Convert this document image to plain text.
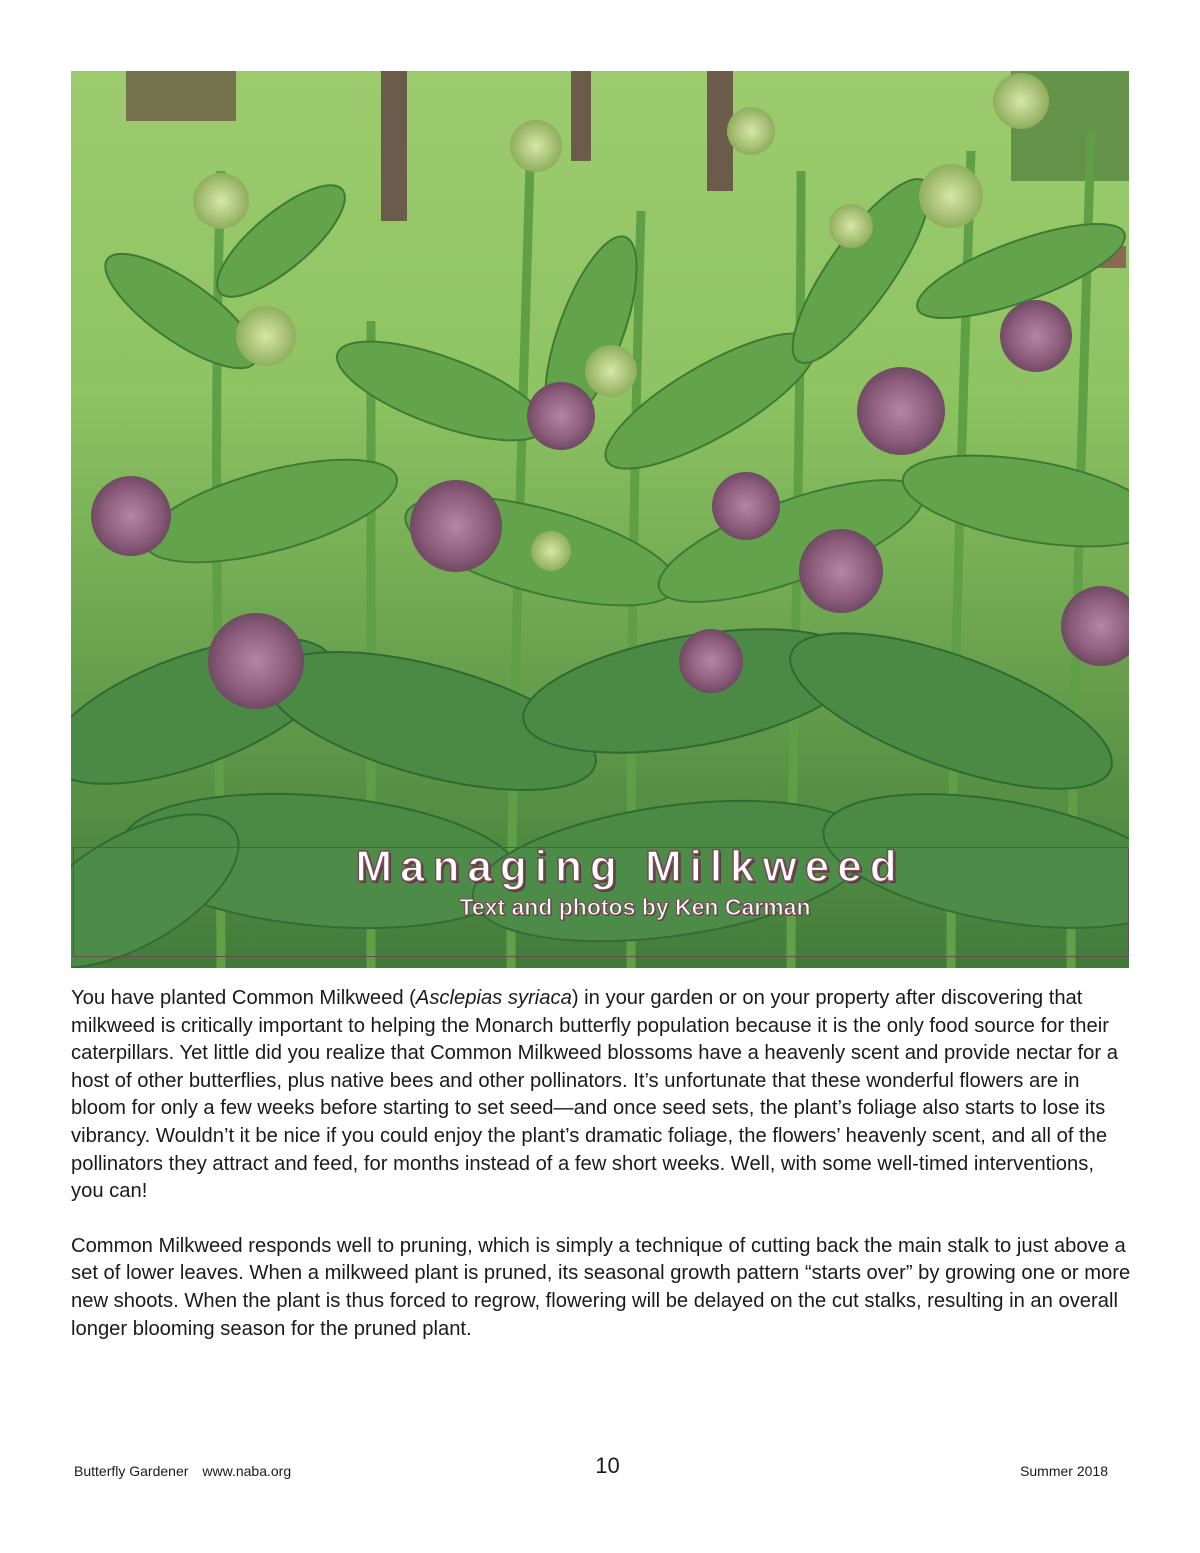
Managing Milkweed
Text and photos by Ken Carman

You have planted Common Milkweed (Asclepias syriaca) in your garden or on your property after discovering that milkweed is critically important to helping the Monarch butterfly population because it is the only food source for their caterpillars. Yet little did you realize that Common Milkweed blossoms have a heavenly scent and provide nectar for a host of other butterflies, plus native bees and other pollinators. It’s unfortunate that these wonderful flowers are in bloom for only a few weeks before starting to set seed—and once seed sets, the plant’s foliage also starts to lose its vibrancy. Wouldn’t it be nice if you could enjoy the plant’s dramatic foliage, the flowers’ heavenly scent, and all of the pollinators they attract and feed, for months instead of a few short weeks. Well, with some well-timed interventions, you can!

Common Milkweed responds well to pruning, which is simply a technique of cutting back the main stalk to just above a set of lower leaves. When a milkweed plant is pruned, its seasonal growth pattern “starts over” by growing one or more new shoots. When the plant is thus forced to regrow, flowering will be delayed on the cut stalks, resulting in an overall longer blooming season for the pruned plant.

Butterfly Gardener www.naba.org	10	Summer 2018
